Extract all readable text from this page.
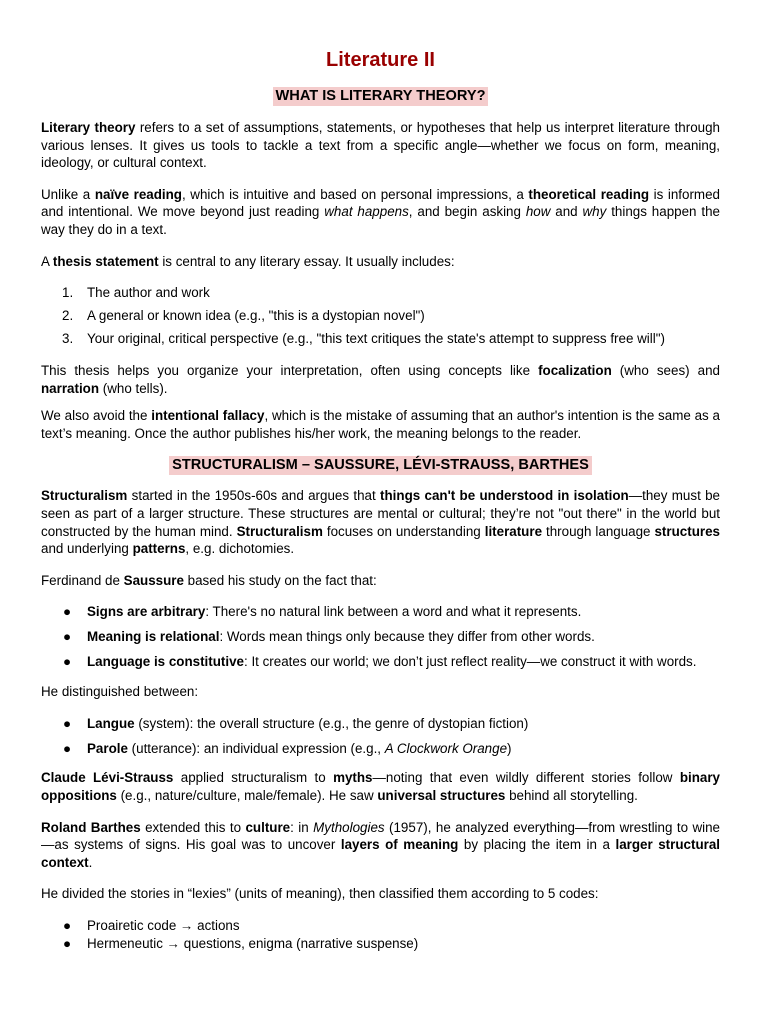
Literature II
WHAT IS LITERARY THEORY?

Literary theory refers to a set of assumptions, statements, or hypotheses that help us interpret literature through various lenses. It gives us tools to tackle a text from a specific angle—whether we focus on form, meaning, ideology, or cultural context.

Unlike a naïve reading, which is intuitive and based on personal impressions, a theoretical reading is informed and intentional. We move beyond just reading what happens, and begin asking how and why things happen the way they do in a text.

A thesis statement is central to any literary essay. It usually includes:

1. The author and work
2. A general or known idea (e.g., "this is a dystopian novel")
3. Your original, critical perspective (e.g., "this text critiques the state's attempt to suppress free will")

This thesis helps you organize your interpretation, often using concepts like focalization (who sees) and narration (who tells).

We also avoid the intentional fallacy, which is the mistake of assuming that an author's intention is the same as a text’s meaning. Once the author publishes his/her work, the meaning belongs to the reader.

STRUCTURALISM – SAUSSURE, LÉVI-STRAUSS, BARTHES

Structuralism started in the 1950s-60s and argues that things can't be understood in isolation—they must be seen as part of a larger structure. These structures are mental or cultural; they’re not "out there" in the world but constructed by the human mind. Structuralism focuses on understanding literature through language structures and underlying patterns, e.g. dichotomies.

Ferdinand de Saussure based his study on the fact that:

● Signs are arbitrary: There's no natural link between a word and what it represents.
● Meaning is relational: Words mean things only because they differ from other words.
● Language is constitutive: It creates our world; we don’t just reflect reality—we construct it with words.

He distinguished between:

● Langue (system): the overall structure (e.g., the genre of dystopian fiction)
● Parole (utterance): an individual expression (e.g., A Clockwork Orange)

Claude Lévi-Strauss applied structuralism to myths—noting that even wildly different stories follow binary oppositions (e.g., nature/culture, male/female). He saw universal structures behind all storytelling.

Roland Barthes extended this to culture: in Mythologies (1957), he analyzed everything—from wrestling to wine—as systems of signs. His goal was to uncover layers of meaning by placing the item in a larger structural context.

He divided the stories in “lexies” (units of meaning), then classified them according to 5 codes:

● Proairetic code → actions
● Hermeneutic → questions, enigma (narrative suspense)
